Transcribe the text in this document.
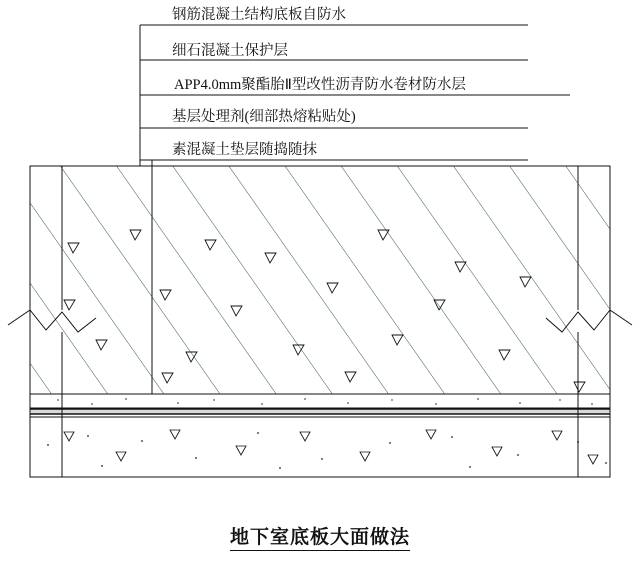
钢筋混凝土结构底板自防水
细石混凝土保护层
APP4.0mm聚酯胎Ⅱ型改性沥青防水卷材防水层
基层处理剂(细部热熔粘贴处)
素混凝土垫层随捣随抹
地下室底板大面做法
